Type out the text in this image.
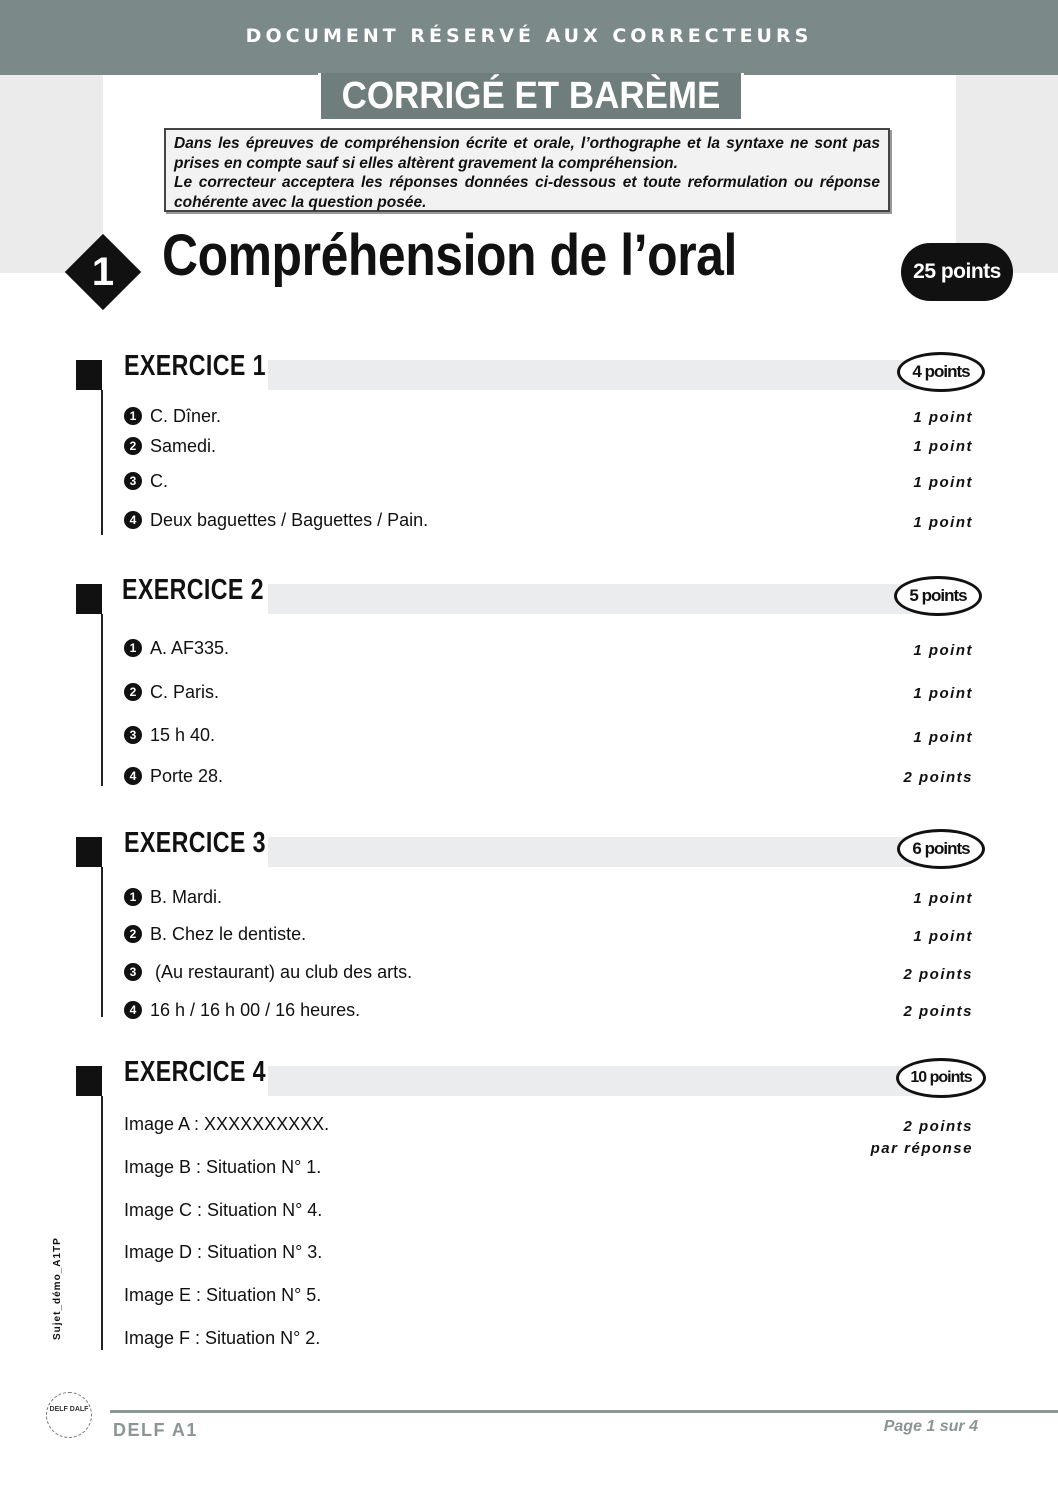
DOCUMENT RÉSERVÉ AUX CORRECTEURS
CORRIGÉ ET BARÈME

Dans les épreuves de compréhension écrite et orale, l’orthographe et la syntaxe ne sont pas prises en compte sauf si elles altèrent gravement la compréhension.

Le correcteur acceptera les réponses données ci-dessous et toute reformulation ou réponse cohérente avec la question posée.

1 Compréhension de l’oral	25 points
EXERCICE 1	4 points
1 C. Dîner.	1 point
2 Samedi.	1 point
3 C.	1 point
4 Deux baguettes / Baguettes / Pain.	1 point
EXERCICE 2	5 points
1 A. AF335.	1 point
2 C. Paris.	1 point
3 15 h 40.	1 point
4 Porte 28.	2 points
EXERCICE 3	6 points
1 B. Mardi.	1 point
2 B. Chez le dentiste.	1 point
3 (Au restaurant) au club des arts.	2 points
4 16 h / 16 h 00 / 16 heures.	2 points
EXERCICE 4	10 points
Image A : XXXXXXXXXX.
Image B : Situation N° 1.
Image C : Situation N° 4.
Image D : Situation N° 3.
Image E : Situation N° 5.
Image F : Situation N° 2.
2 points
par réponse
Sujet_démo_A1TP
DELF DALF
DELF A1	Page 1 sur 4
